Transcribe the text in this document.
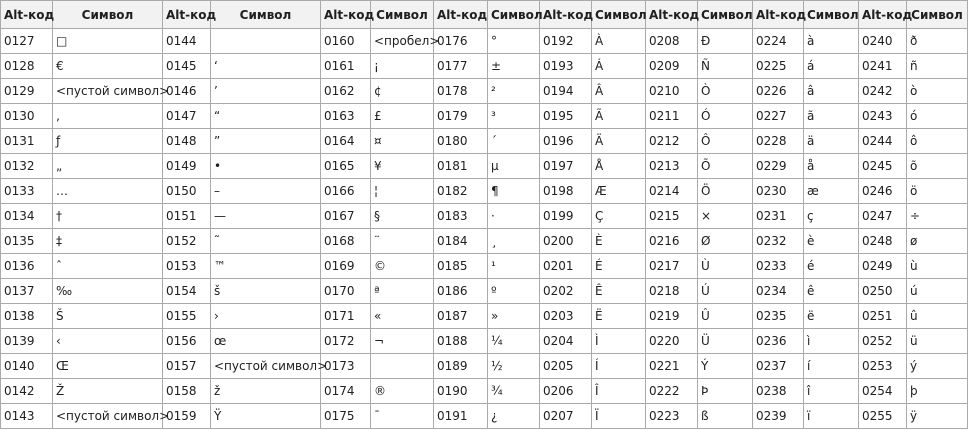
Alt-код	Символ	Alt-код	Символ	Alt-код	Символ	Alt-код	Символ	Alt-код	Символ	Alt-код	Символ	Alt-код	Символ	Alt-код	Символ
0127	□	0144		0160	<пробел>	0176	°	0192	À	0208	Ð	0224	à	0240	ð
0128	€	0145	‘	0161	¡	0177	±	0193	Á	0209	Ñ	0225	á	0241	ñ
0129	<пустой символ>	0146	’	0162	¢	0178	²	0194	Â	0210	Ò	0226	â	0242	ò
0130	‚	0147	“	0163	£	0179	³	0195	Ã	0211	Ó	0227	ã	0243	ó
0131	ƒ	0148	”	0164	¤	0180	´	0196	Ä	0212	Ô	0228	ä	0244	ô
0132	„	0149	•	0165	¥	0181	µ	0197	Å	0213	Õ	0229	å	0245	õ
0133	…	0150	–	0166	¦	0182	¶	0198	Æ	0214	Ö	0230	æ	0246	ö
0134	†	0151	—	0167	§	0183	·	0199	Ç	0215	×	0231	ç	0247	÷
0135	‡	0152	˜	0168	¨	0184	¸	0200	È	0216	Ø	0232	è	0248	ø
0136	ˆ	0153	™	0169	©	0185	¹	0201	É	0217	Ù	0233	é	0249	ù
0137	‰	0154	š	0170	ª	0186	º	0202	Ê	0218	Ú	0234	ê	0250	ú
0138	Š	0155	›	0171	«	0187	»	0203	Ë	0219	Û	0235	ë	0251	û
0139	‹	0156	œ	0172	¬	0188	¼	0204	Ì	0220	Ü	0236	ì	0252	ü
0140	Œ	0157	<пустой символ>	0173		0189	½	0205	Í	0221	Ý	0237	í	0253	ý
0142	Ž	0158	ž	0174	®	0190	¾	0206	Î	0222	Þ	0238	î	0254	þ
0143	<пустой символ>	0159	Ÿ	0175	¯	0191	¿	0207	Ï	0223	ß	0239	ï	0255	ÿ
